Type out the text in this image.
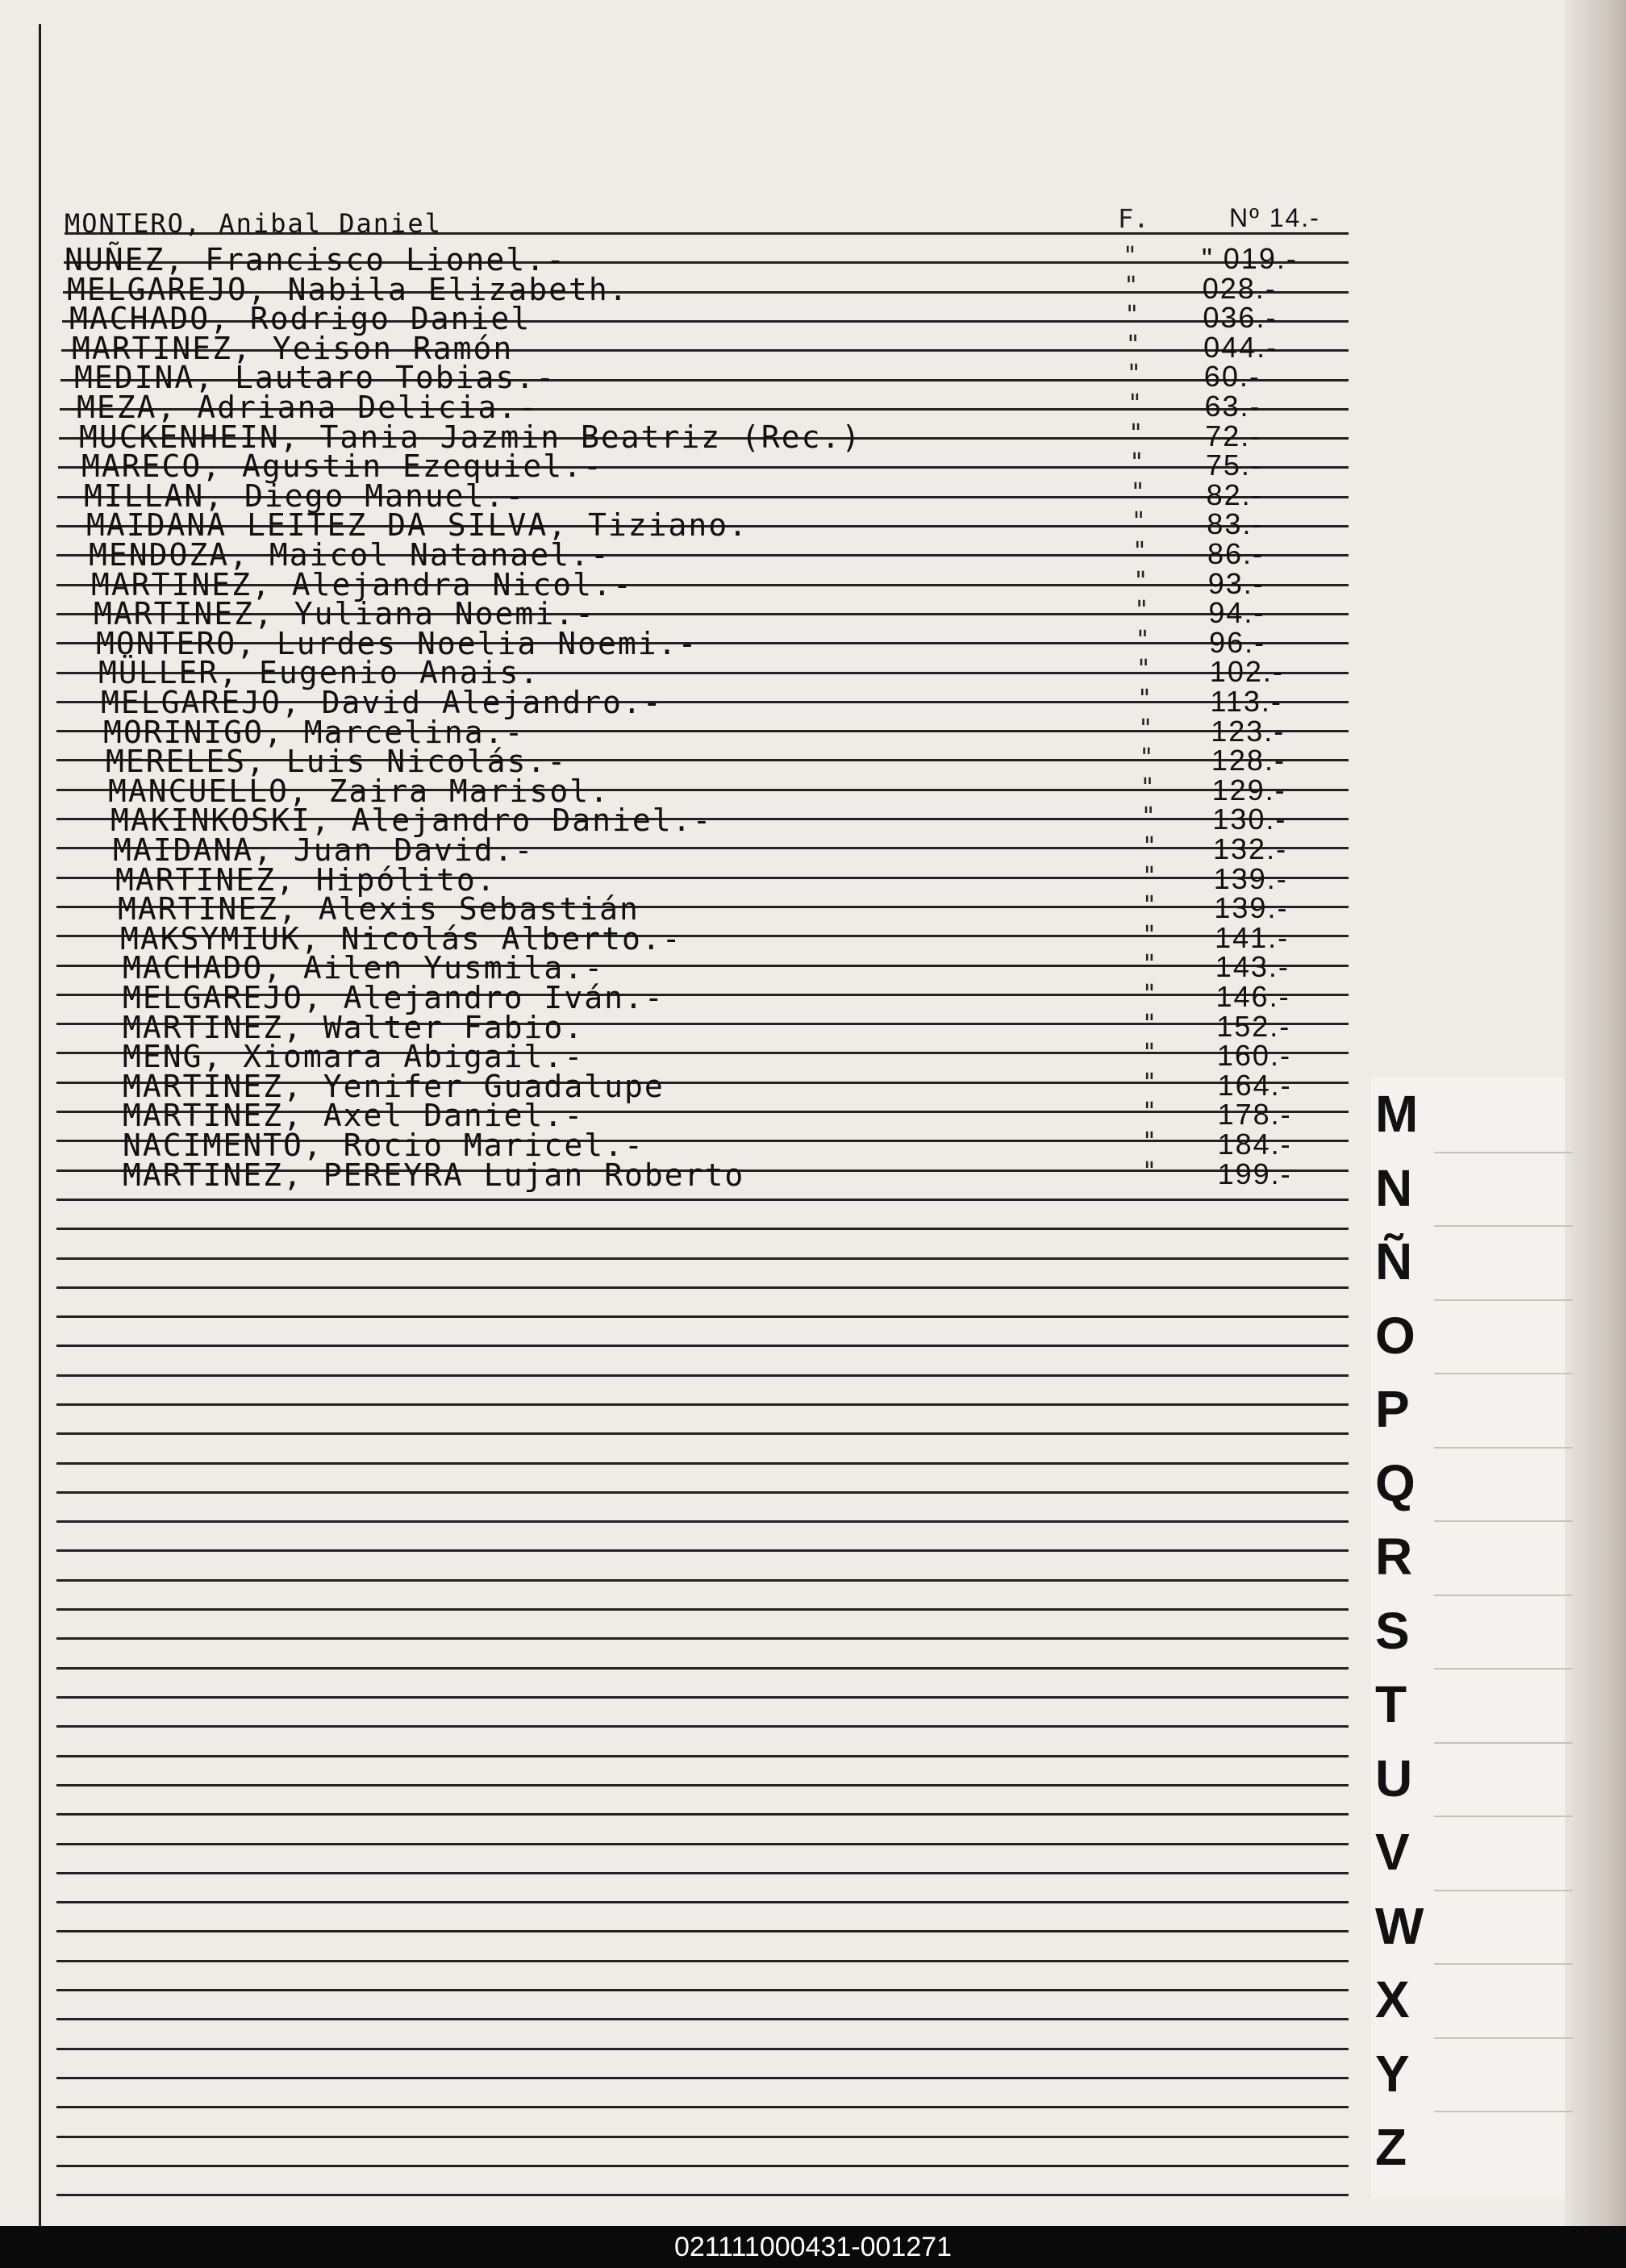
MONTERO, Anibal Daniel	F.	Nº 14.-
NUÑEZ, Francisco Lionel.-	" " 019.-
MELGAREJO, Nabila Elizabeth.	" 028.-
MACHADO, Rodrigo Daniel	" 036.-
MARTINEZ, Yeison Ramón	" 044.-
MEDINA, Lautaro Tobias.-	" 60.-
MEZA, Adriana Delicia.-	" 63.-
MUCKENHEIN, Tania Jazmin Beatriz (Rec.)	" 72.-
MARECO, Agustin Ezequiel.-	" 75.-
MILLAN, Diego Manuel.-	" 82.-
MAIDANA LEITEZ DA SILVA, Tiziano.	" 83.-
MENDOZA, Maicol Natanael.-	" 86.-
MARTINEZ, Alejandra Nicol.-	" 93.-
MARTINEZ, Yuliana Noemi.-	" 94.-
MONTERO, Lurdes Noelia Noemi.-	" 96.-
MÜLLER, Eugenio Anais.	" 102.-
MELGAREJO, David Alejandro.-	" 113.-
MORINIGO, Marcelina.-	" 123.-
MERELES, Luis Nicolás.-	" 128.-
MANCUELLO, Zaira Marisol.	" 129.-
MAKINKOSKI, Alejandro Daniel.-	" 130.-
MAIDANA, Juan David.-	" 132.-
MARTINEZ, Hipólito.	" 139.-
MARTINEZ, Alexis Sebastián	" 139.-
MAKSYMIUK, Nicolás Alberto.-	" 141.-
MACHADO, Ailen Yusmila.-	" 143.-
MELGAREJO, Alejandro Iván.-	" 146.-
MARTINEZ, Walter Fabio.	" 152.-
MENG, Xiomara Abigail.-	" 160.-
MARTINEZ, Yenifer Guadalupe	" 164.-
MARTINEZ, Axel Daniel.-	" 178.-
NACIMENTO, Rocio Maricel.-	" 184.-
MARTINEZ, PEREYRA Lujan Roberto	" 199.-
M
N
Ñ
O
P
Q
R
S
T
U
V
W
X
Y
Z
021111000431-001271
